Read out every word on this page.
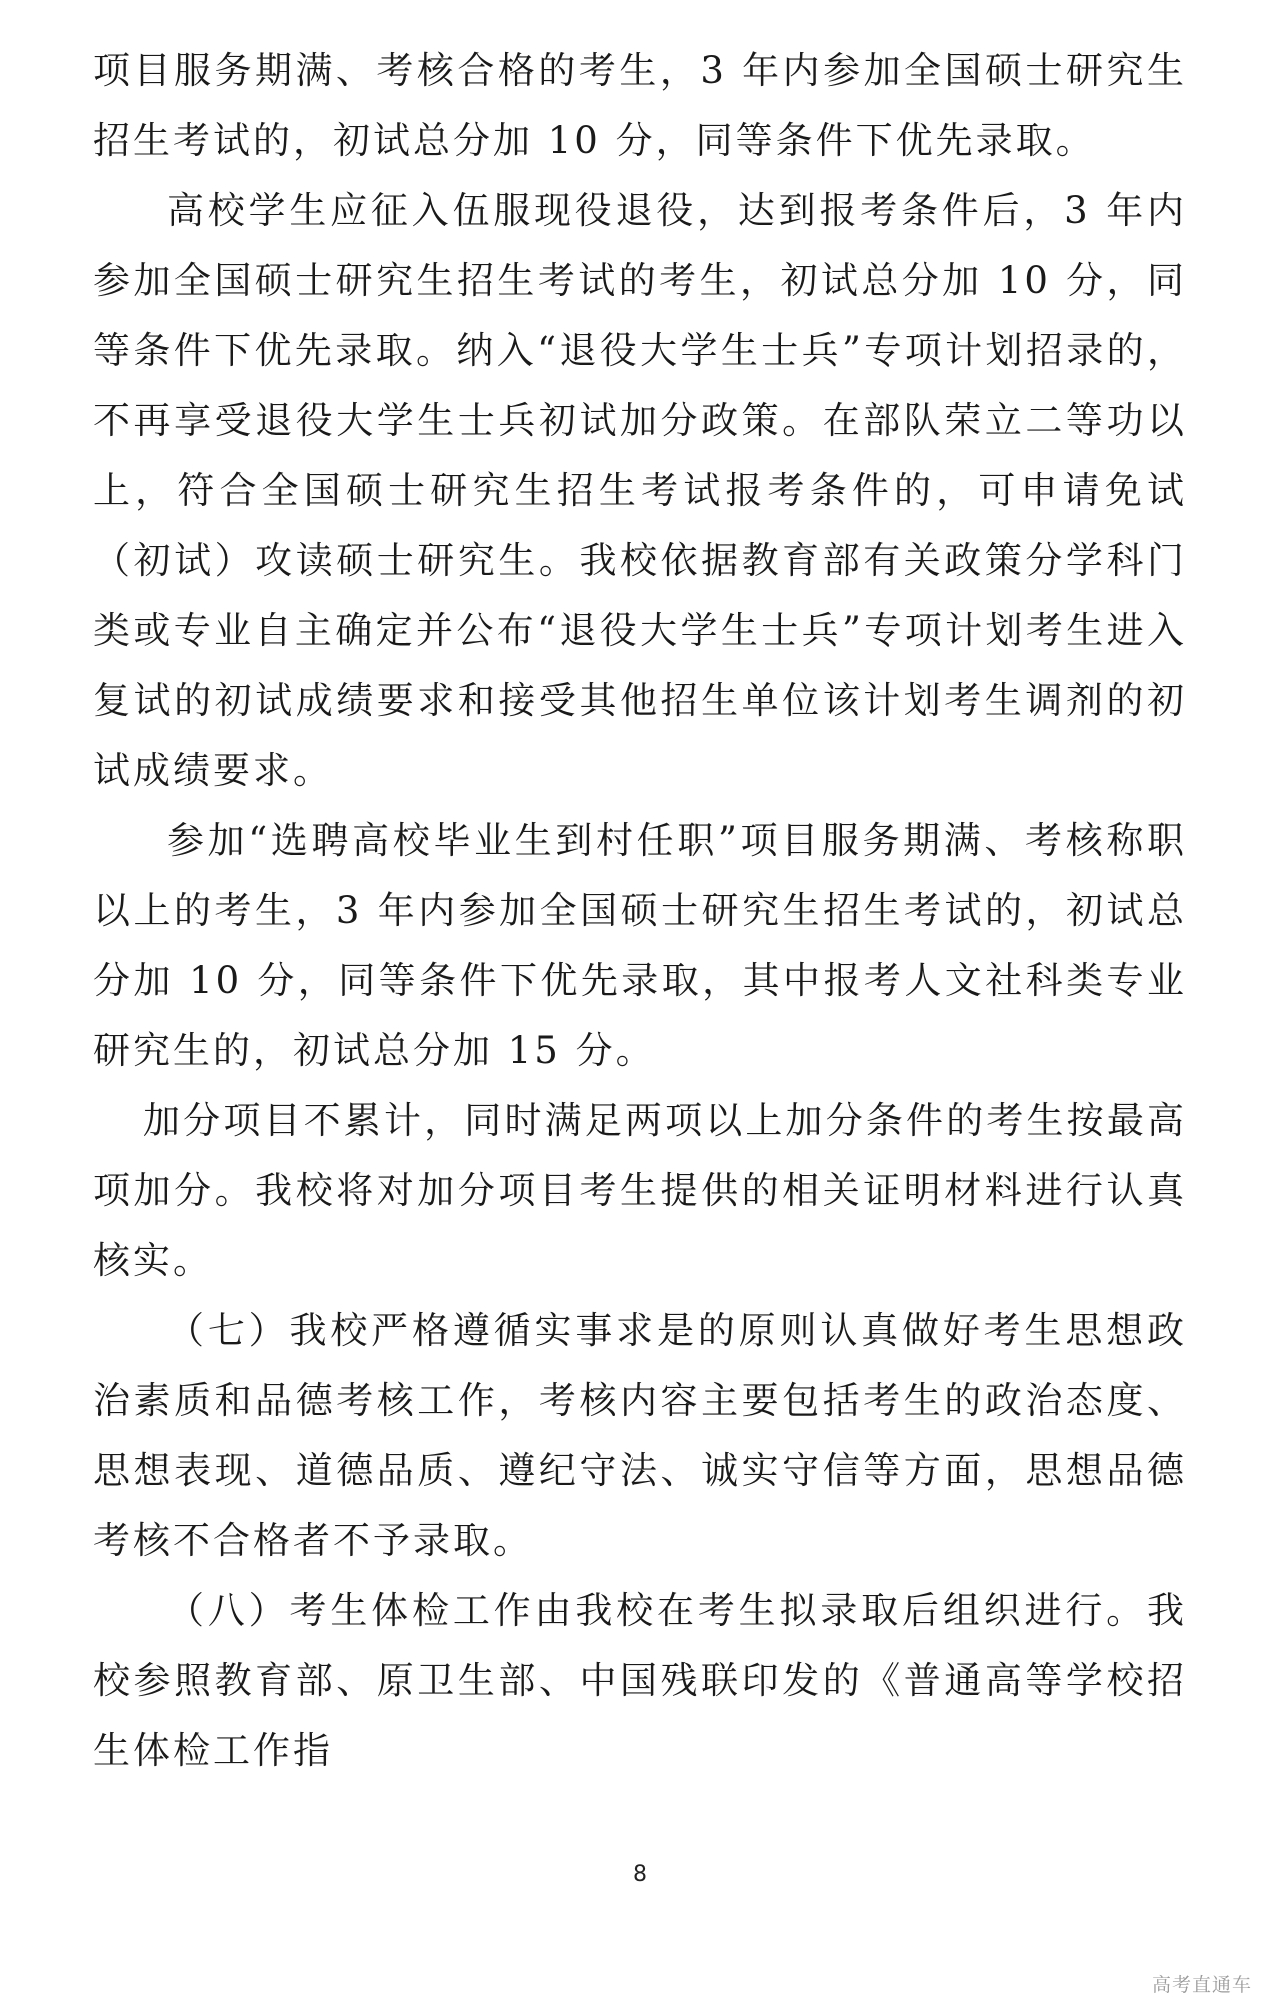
项目服务期满、考核合格的考生，3 年内参加全国硕士研究生招生考试的，初试总分加 10 分，同等条件下优先录取。

高校学生应征入伍服现役退役，达到报考条件后，3 年内参加全国硕士研究生招生考试的考生，初试总分加 10 分，同等条件下优先录取。纳入“退役大学生士兵”专项计划招录的，不再享受退役大学生士兵初试加分政策。在部队荣立二等功以上，符合全国硕士研究生招生考试报考条件的，可申请免试（初试）攻读硕士研究生。我校依据教育部有关政策分学科门类或专业自主确定并公布“退役大学生士兵”专项计划考生进入复试的初试成绩要求和接受其他招生单位该计划考生调剂的初试成绩要求。

参加“选聘高校毕业生到村任职”项目服务期满、考核称职以上的考生，3 年内参加全国硕士研究生招生考试的，初试总分加 10 分，同等条件下优先录取，其中报考人文社科类专业研究生的，初试总分加 15 分。

加分项目不累计，同时满足两项以上加分条件的考生按最高项加分。我校将对加分项目考生提供的相关证明材料进行认真核实。

（七）我校严格遵循实事求是的原则认真做好考生思想政治素质和品德考核工作，考核内容主要包括考生的政治态度、思想表现、道德品质、遵纪守法、诚实守信等方面，思想品德考核不合格者不予录取。

（八）考生体检工作由我校在考生拟录取后组织进行。我校参照教育部、原卫生部、中国残联印发的《普通高等学校招生体检工作指

8
高考直通车
